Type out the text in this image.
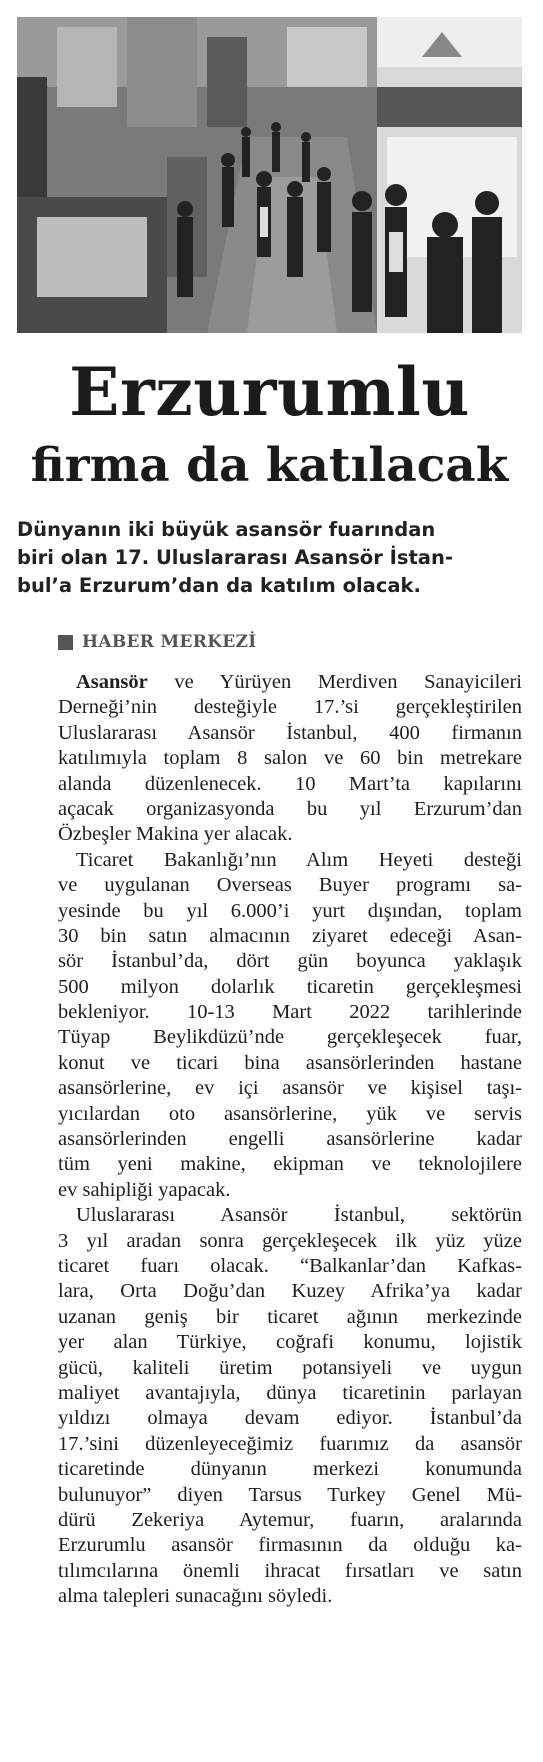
Erzurumlu
firma da katılacak

Dünyanın iki büyük asansör fuarından
biri olan 17. Uluslararası Asansör İstan-
bul’a Erzurum’dan da katılım olacak.

HABER MERKEZİ
Asansör ve Yürüyen Merdiven Sanayicileri
Derneği’nin desteğiyle 17.’si gerçekleştirilen
Uluslararası Asansör İstanbul, 400 firmanın
katılımıyla toplam 8 salon ve 60 bin metrekare
alanda düzenlenecek. 10 Mart’ta kapılarını
açacak organizasyonda bu yıl Erzurum’dan
Özbeşler Makina yer alacak.
Ticaret Bakanlığı’nın Alım Heyeti desteği
ve uygulanan Overseas Buyer programı sa-
yesinde bu yıl 6.000’i yurt dışından, toplam
30 bin satın almacının ziyaret edeceği Asan-
sör İstanbul’da, dört gün boyunca yaklaşık
500 milyon dolarlık ticaretin gerçekleşmesi
bekleniyor. 10-13 Mart 2022 tarihlerinde
Tüyap Beylikdüzü’nde gerçekleşecek fuar,
konut ve ticari bina asansörlerinden hastane
asansörlerine, ev içi asansör ve kişisel taşı-
yıcılardan oto asansörlerine, yük ve servis
asansörlerinden engelli asansörlerine kadar
tüm yeni makine, ekipman ve teknolojilere
ev sahipliği yapacak.
Uluslararası Asansör İstanbul, sektörün
3 yıl aradan sonra gerçekleşecek ilk yüz yüze
ticaret fuarı olacak. “Balkanlar’dan Kafkas-
lara, Orta Doğu’dan Kuzey Afrika’ya kadar
uzanan geniş bir ticaret ağının merkezinde
yer alan Türkiye, coğrafi konumu, lojistik
gücü, kaliteli üretim potansiyeli ve uygun
maliyet avantajıyla, dünya ticaretinin parlayan
yıldızı olmaya devam ediyor. İstanbul’da
17.’sini düzenleyeceğimiz fuarımız da asansör
ticaretinde dünyanın merkezi konumunda
bulunuyor” diyen Tarsus Turkey Genel Mü-
dürü Zekeriya Aytemur, fuarın, aralarında
Erzurumlu asansör firmasının da olduğu ka-
tılımcılarına önemli ihracat fırsatları ve satın
alma talepleri sunacağını söyledi.
